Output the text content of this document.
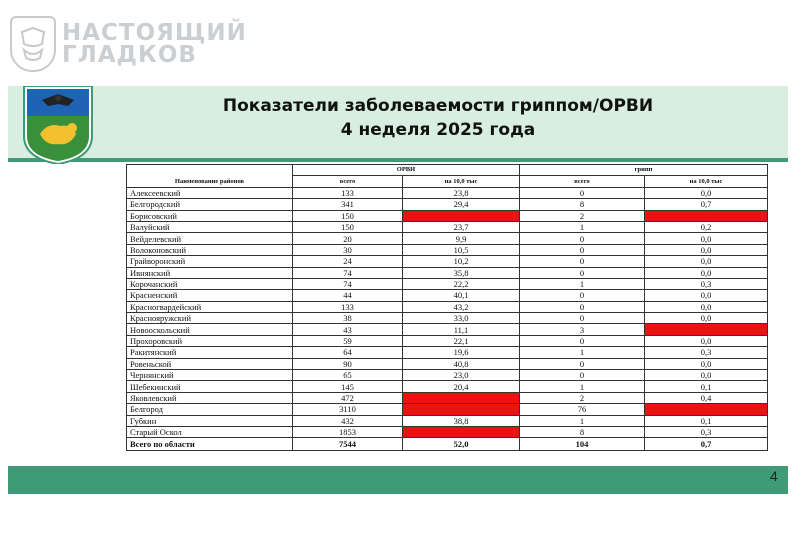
НАСТОЯЩИЙ
ГЛАДКОВ
Показатели заболеваемости гриппом/ОРВИ
4 неделя 2025 года
Наименование районов	ОРВИ		грипп	
	всего	на 10,0 тыс	всего	на 10,0 тыс
Алексеевский	133	23,8	0	0,0
Белгородский	341	29,4	8	0,7
Борисовский	150		2	
Валуйский	150	23,7	1	0,2
Вейделевский	20	9,9	0	0,0
Волоконовский	30	10,5	0	0,0
Грайворонский	24	10,2	0	0,0
Ивнянский	74	35,8	0	0,0
Корочанский	74	22,2	1	0,3
Красненский	44	40,1	0	0,0
Красногвардейский	133	43,2	0	0,0
Краснояружский	38	33,0	0	0,0
Новооскольский	43	11,1	3	
Прохоровский	59	22,1	0	0,0
Ракитянский	64	19,6	1	0,3
Ровеньской	90	40,8	0	0,0
Чернянский	65	23,0	0	0,0
Шебекинский	145	20,4	1	0,1
Яковлевский	472		2	0,4
Белгород	3110		76	
Губкин	432	38,8	1	0,1
Старый Оскол	1853		8	0,3
Всего по области	7544	52,0	104	0,7
4
